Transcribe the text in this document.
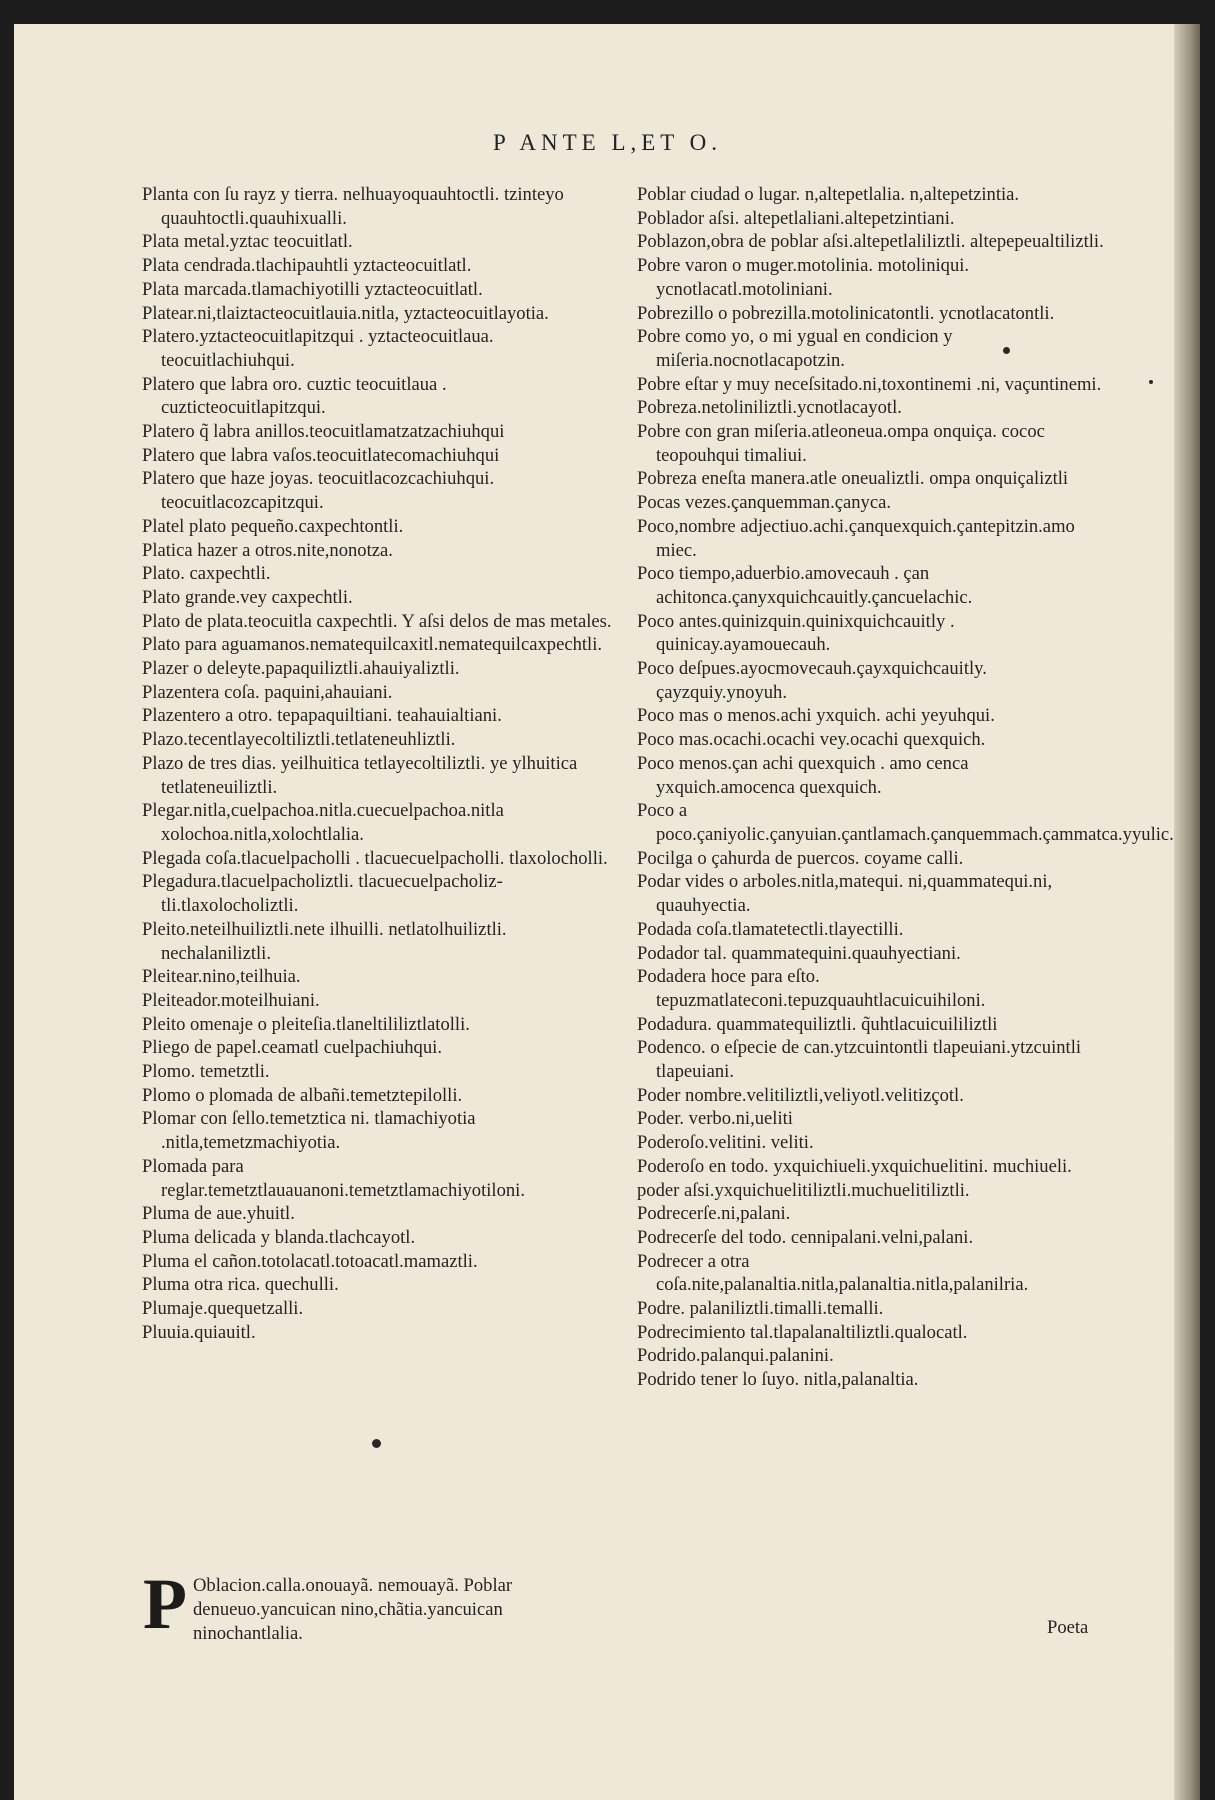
P ANTE L,ET O.

Planta con ſu rayz y tierra. nelhuayoquauhtoctli. tzinteyo quauhtoctli.quauhixualli.

Plata metal.yztac teocuitlatl.

Plata cendrada.tlachipauhtli yztacteocuitlatl.

Plata marcada.tlamachiyotilli yztacteocuitlatl.

Platear.ni,tlaiztacteocuitlauia.nitla, yztacteocuitlayotia.

Platero.yztacteocuitlapitzqui . yztacteocuitlaua. teocuitlachiuhqui.

Platero que labra oro. cuztic teocuitlaua . cuzticteocuitlapitzqui.

Platero q̃ labra anillos.teocuitlamatzatzachiuhqui

Platero que labra vaſos.teocuitlatecomachiuhqui

Platero que haze joyas. teocuitlacozcachiuhqui. teocuitlacozcapitzqui.

Platel plato pequeño.caxpechtontli.

Platica hazer a otros.nite,nonotza.

Plato. caxpechtli.

Plato grande.vey caxpechtli.

Plato de plata.teocuitla caxpechtli. Y aſsi delos de mas metales.

Plato para aguamanos.nematequilcaxitl.nematequilcaxpechtli.

Plazer o deleyte.papaquiliztli.ahauiyaliztli.

Plazentera coſa. paquini,ahauiani.

Plazentero a otro. tepapaquiltiani. teahauialtiani.

Plazo.tecentlayecoltiliztli.tetlateneuhliztli.

Plazo de tres dias. yeilhuitica tetlayecoltiliztli. ye ylhuitica tetlateneuiliztli.

Plegar.nitla,cuelpachoa.nitla.cuecuelpachoa.nitla xolochoa.nitla,xolochtlalia.

Plegada coſa.tlacuelpacholli . tlacuecuelpacholli. tlaxolocholli.

Plegadura.tlacuelpacholiztli. tlacuecuelpacholiz-tli.tlaxolocholiztli.

Pleito.neteilhuiliztli.nete ilhuilli. netlatolhuiliztli. nechalaniliztli.

Pleitear.nino,teilhuia.

Pleiteador.moteilhuiani.

Pleito omenaje o pleiteſia.tlaneltililiztlatolli.

Pliego de papel.ceamatl cuelpachiuhqui.

Plomo. temetztli.

Plomo o plomada de albañi.temetztepilolli.

Plomar con ſello.temetztica ni. tlamachiyotia .nitla,temetzmachiyotia.

Plomada para reglar.temetztlauauanoni.temetztlamachiyotiloni.

Pluma de aue.yhuitl.

Pluma delicada y blanda.tlachcayotl.

Pluma el cañon.totolacatl.totoacatl.mamaztli.

Pluma otra rica. quechulli.

Plumaje.quequetzalli.

Pluuia.quiauitl.

Poblar ciudad o lugar. n,altepetlalia. n,altepetzintia.

Poblador aſsi. altepetlaliani.altepetzintiani.

Poblazon,obra de poblar aſsi.altepetlaliliztli. altepepeualtiliztli.

Pobre varon o muger.motolinia. motoliniqui. ycnotlacatl.motoliniani.

Pobrezillo o pobrezilla.motolinicatontli. ycnotlacatontli.

Pobre como yo, o mi ygual en condicion y miſeria.nocnotlacapotzin.

Pobre eſtar y muy neceſsitado.ni,toxontinemi .ni, vaçuntinemi.

Pobreza.netoliniliztli.ycnotlacayotl.

Pobre con gran miſeria.atleoneua.ompa onquiça. cococ teopouhqui timaliui.

Pobreza eneſta manera.atle oneualiztli. ompa onquiçaliztli

Pocas vezes.çanquemman.çanyca.

Poco,nombre adjectiuo.achi.çanquexquich.çantepitzin.amo miec.

Poco tiempo,aduerbio.amovecauh . çan achitonca.çanyxquichcauitly.çancuelachic.

Poco antes.quinizquin.quinixquichcauitly . quinicay.ayamouecauh.

Poco deſpues.ayocmovecauh.çayxquichcauitly. çayzquiy.ynoyuh.

Poco mas o menos.achi yxquich. achi yeyuhqui.

Poco mas.ocachi.ocachi vey.ocachi quexquich.

Poco menos.çan achi quexquich . amo cenca yxquich.amocenca quexquich.

Poco a poco.çaniyolic.çanyuian.çantlamach.çanquemmach.çammatca.yyulic.

Pocilga o çahurda de puercos. coyame calli.

Podar vides o arboles.nitla,matequi. ni,quammatequi.ni, quauhyectia.

Podada coſa.tlamatetectli.tlayectilli.

Podador tal. quammatequini.quauhyectiani.

Podadera hoce para eſto. tepuzmatlateconi.tepuzquauhtlacuicuihiloni.

Podadura. quammatequiliztli. q̃uhtlacuicuililiztli

Podenco. o eſpecie de can.ytzcuintontli tlapeuiani.ytzcuintli tlapeuiani.

Poder nombre.velitiliztli,veliyotl.velitizçotl.

Poder. verbo.ni,ueliti

Poderoſo.velitini. veliti.

Poderoſo en todo. yxquichiueli.yxquichuelitini. muchiueli.

poder aſsi.yxquichuelitiliztli.muchuelitiliztli.

Podrecerſe.ni,palani.

Podrecerſe del todo. cennipalani.velni,palani.

Podrecer a otra coſa.nite,palanaltia.nitla,palanaltia.nitla,palanilria.

Podre. palaniliztli.timalli.temalli.

Podrecimiento tal.tlapalanaltiliztli.qualocatl.

Podrido.palanqui.palanini.

Podrido tener lo ſuyo. nitla,palanaltia.

P Oblacion.calla.onouayã. nemouayã. Poblar denueuo.yancuican nino,chãtia.yancuican ninochantlalia.	Poeta
